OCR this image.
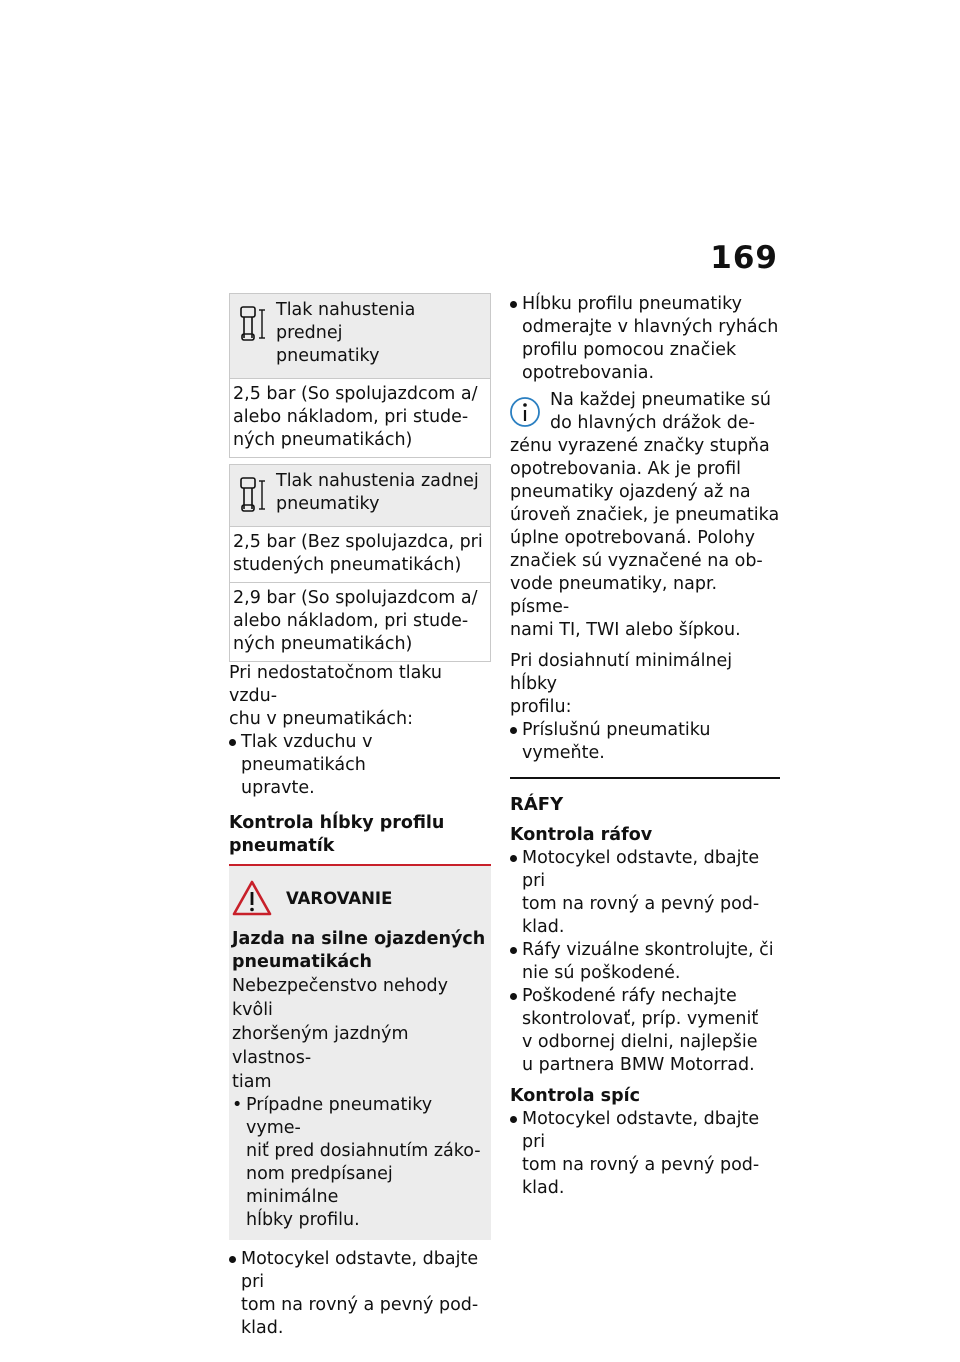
169
Tlak nahustenia prednej
pneumatiky
2,5 bar (So spolujazdcom a/
alebo nákladom, pri stude-
ných pneumatikách)
Tlak nahustenia zadnej
pneumatiky
2,5 bar (Bez spolujazdca, pri
studených pneumatikách)
2,9 bar (So spolujazdcom a/
alebo nákladom, pri stude-
ných pneumatikách)

Pri nedostatočnom tlaku vzdu-
chu v pneumatikách:

Tlak vzduchu v pneumatikách
upravte.
Kontrola hĺbky profilu
pneumatík
VAROVANIE
Jazda na silne ojazdených
pneumatikách

Nebezpečenstvo nehody kvôli
zhoršeným jazdným vlastnos-
tiam

• Prípadne pneumatiky vyme-
niť pred dosiahnutím záko-
nom predpísanej minimálne
hĺbky profilu.
Motocykel odstavte, dbajte pri
tom na rovný a pevný pod-
klad.
Hĺbku profilu pneumatiky
odmerajte v hlavných ryhách
profilu pomocou značiek
opotrebovania.

Na každej pneumatike sú
do hlavných drážok de-
zénu vyrazené značky stupňa
opotrebovania. Ak je profil
pneumatiky ojazdený až na
úroveň značiek, je pneumatika
úplne opotrebovaná. Polohy
značiek sú vyznačené na ob-
vode pneumatiky, napr. písme-
nami TI, TWI alebo šípkou.

Pri dosiahnutí minimálnej hĺbky
profilu:

Príslušnú pneumatiku
vymeňte.
RÁFY
Kontrola ráfov
Motocykel odstavte, dbajte pri
tom na rovný a pevný pod-
klad.
Ráfy vizuálne skontrolujte, či
nie sú poškodené.
Poškodené ráfy nechajte
skontrolovať, príp. vymeniť
v odbornej dielni, najlepšie
u partnera BMW Motorrad.
Kontrola spíc
Motocykel odstavte, dbajte pri
tom na rovný a pevný pod-
klad.
